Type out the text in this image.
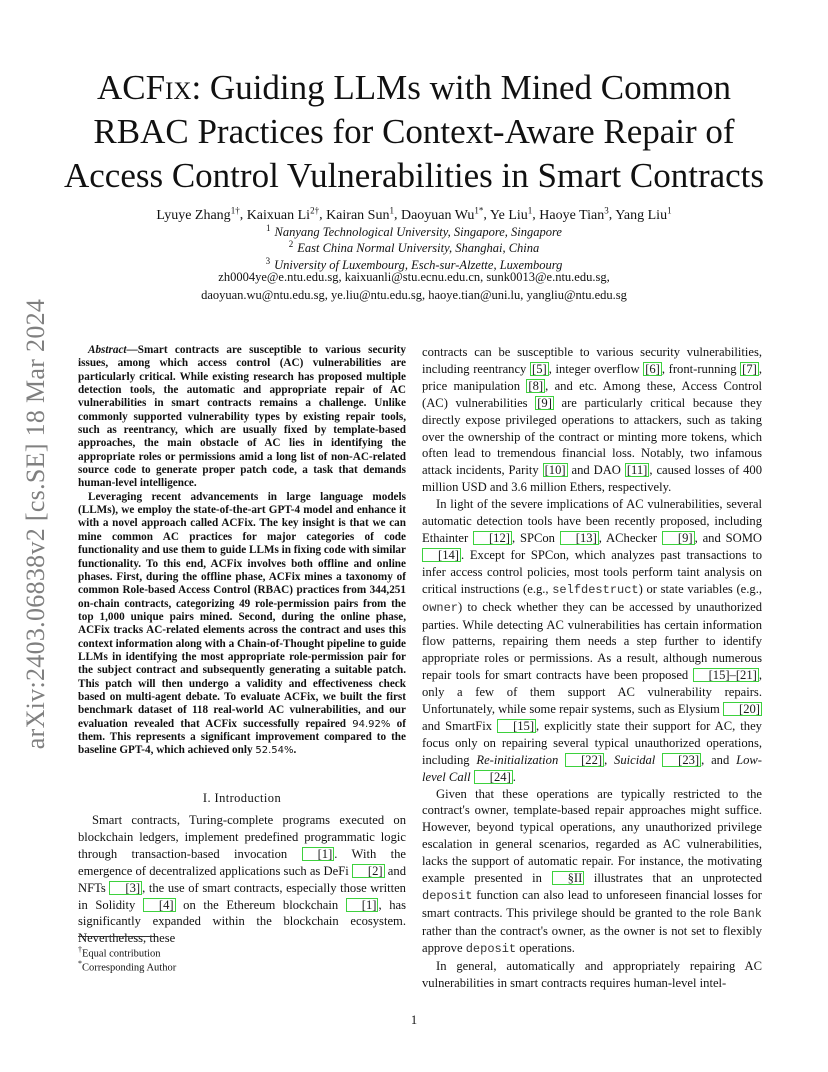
ACFix: Guiding LLMs with Mined Common
RBAC Practices for Context-Aware Repair of
Access Control Vulnerabilities in Smart Contracts
Lyuye Zhang$^{1\dagger}$, Kaixuan $Li^{2\dagger}$, Kairan Sun$^1$, Daoyuan $Wu^{1*}$, Ye Liu$^1$, Haoye Tian$^3$, Yang Liu$^1$
$^1$ Nanyang Technological University, Singapore, Singapore
$^2$ East China Normal University, Shanghai, China
$^3$ University of Luxembourg, Esch-sur-Alzette, Luxembourg
zh0004ye@e.ntu.edu.sg, kaixuanli@stu.ecnu.edu.cn, sunk0013@e.ntu.edu.sg,
daoyuan.wu@ntu.edu.sg, ye.liu@ntu.edu.sg, haoye.tian@uni.lu, yangliu@ntu.edu.sg
arXiv:2403.06838v2 [cs.SE] 18 Mar 2024	Abstract—Smart contracts are susceptible to various security issues, among which access control (AC) vulnerabilities are particularly critical. While existing research has proposed multiple detection tools, the automatic and appropriate repair of AC vulnerabilities in smart contracts remains a challenge. Unlike commonly supported vulnerability types by existing repair tools, such as reentrancy, which are usually fixed by template-based approaches, the main obstacle of AC lies in identifying the appropriate roles or permissions amid a long list of non-AC-related source code to generate proper patch code, a task that demands human-level intelligence.

Leveraging recent advancements in large language models (LLMs), we employ the state-of-the-art GPT-4 model and enhance it with a novel approach called ACFix. The key insight is that we can mine common AC practices for major categories of code functionality and use them to guide LLMs in fixing code with similar functionality. To this end, ACFix involves both offline and online phases. First, during the offline phase, ACFix mines a taxonomy of common Role-based Access Control (RBAC) practices from 344,251 on-chain contracts, categorizing 49 role-permission pairs from the top 1,000 unique pairs mined. Second, during the online phase, ACFix tracks AC-related elements across the contract and uses this context information along with a Chain-of-Thought pipeline to guide LLMs in identifying the most appropriate role-permission pair for the subject contract and subsequently generating a suitable patch. This patch will then undergo a validity and effectiveness check based on multi-agent debate. To evaluate ACFix, we built the first benchmark dataset of 118 real-world AC vulnerabilities, and our evaluation revealed that ACFix successfully repaired 94.92% of them. This represents a significant improvement compared to the baseline GPT-4, which achieved only 52.54%.

I. Introduction

Smart contracts, Turing-complete programs executed on blockchain ledgers, implement predefined programmatic logic through transaction-based invocation [1] . With the emergence of decentralized applications such as DeFi [2] and NFTs [3] , the use of smart contracts, especially those written in Solidity [4] on the Ethereum blockchain [1] , has significantly expanded within the blockchain ecosystem. Nevertheless, these

†Equal contribution
*Corresponding Author

contracts can be susceptible to various security vulnerabilities, including reentrancy [5] , integer overflow [6] , front-running [7] , price manipulation [8] , and etc. Among these, Access Control (AC) vulnerabilities [9] are particularly critical because they directly expose privileged operations to attackers, such as taking over the ownership of the contract or minting more tokens, which often lead to tremendous financial loss. Notably, two infamous attack incidents, Parity [10] and DAO [11] , caused losses of 400 million USD and 3.6 million Ethers, respectively.

In light of the severe implications of AC vulnerabilities, several automatic detection tools have been recently proposed, including Ethainter [12] , SPCon [13] , AChecker [9] , and SOMO [14] . Except for SPCon, which analyzes past transactions to infer access control policies, most tools perform taint analysis on critical instructions (e.g., selfdestruct) or state variables (e.g., owner) to check whether they can be accessed by unauthorized parties. While detecting AC vulnerabilities has certain information flow patterns, repairing them needs a step further to identify appropriate roles or permissions. As a result, although numerous repair tools for smart contracts have been proposed [15]–[21] , only a few of them support AC vulnerability repairs. Unfortunately, while some repair systems, such as Elysium [20] and SmartFix [15] , explicitly state their support for AC, they focus only on repairing several typical unauthorized operations, including Re-initialization [22] , Suicidal [23] , and Low-level Call [24] .

Given that these operations are typically restricted to the contract's owner, template-based repair approaches might suffice. However, beyond typical operations, any unauthorized privilege escalation in general scenarios, regarded as AC vulnerabilities, lacks the support of automatic repair. For instance, the motivating example presented in §II illustrates that an unprotected deposit function can also lead to unforeseen financial losses for smart contracts. This privilege should be granted to the role Bank rather than the contract's owner, as the owner is not set to flexibly approve deposit operations.

In general, automatically and appropriately repairing AC vulnerabilities in smart contracts requires human-level intel-

1
